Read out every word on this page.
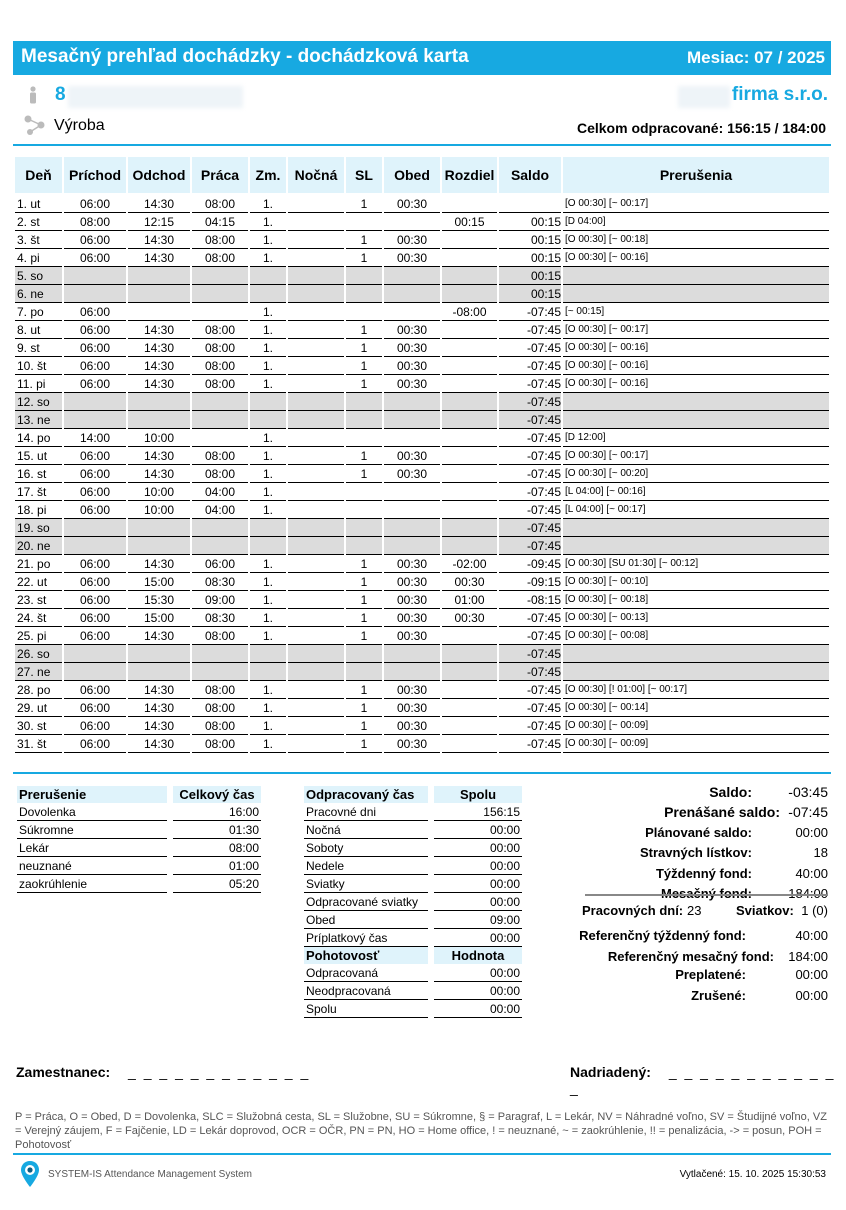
Mesačný prehľad dochádzky - dochádzková karta	Mesiac: 07 / 2025
8	firma s.r.o.
Výroba	Celkom odpracované: 156:15 / 184:00
Deň	Príchod	Odchod	Práca	Zm.	Nočná	SL	Obed	Rozdiel	Saldo	Prerušenia
1. ut	06:00	14:30	08:00	1.		1	00:30			[O 00:30] [~ 00:17]
2. st	08:00	12:15	04:15	1.				00:15	00:15	[D 04:00]
3. št	06:00	14:30	08:00	1.		1	00:30		00:15	[O 00:30] [~ 00:18]
4. pi	06:00	14:30	08:00	1.		1	00:30		00:15	[O 00:30] [~ 00:16]
5. so									00:15	
6. ne									00:15	
7. po	06:00			1.				-08:00	-07:45	[~ 00:15]
8. ut	06:00	14:30	08:00	1.		1	00:30		-07:45	[O 00:30] [~ 00:17]
9. st	06:00	14:30	08:00	1.		1	00:30		-07:45	[O 00:30] [~ 00:16]
10. št	06:00	14:30	08:00	1.		1	00:30		-07:45	[O 00:30] [~ 00:16]
11. pi	06:00	14:30	08:00	1.		1	00:30		-07:45	[O 00:30] [~ 00:16]
12. so									-07:45	
13. ne									-07:45	
14. po	14:00	10:00		1.					-07:45	[D 12:00]
15. ut	06:00	14:30	08:00	1.		1	00:30		-07:45	[O 00:30] [~ 00:17]
16. st	06:00	14:30	08:00	1.		1	00:30		-07:45	[O 00:30] [~ 00:20]
17. št	06:00	10:00	04:00	1.					-07:45	[L 04:00] [~ 00:16]
18. pi	06:00	10:00	04:00	1.					-07:45	[L 04:00] [~ 00:17]
19. so									-07:45	
20. ne									-07:45	
21. po	06:00	14:30	06:00	1.		1	00:30	-02:00	-09:45	[O 00:30] [SU 01:30] [~ 00:12]
22. ut	06:00	15:00	08:30	1.		1	00:30	00:30	-09:15	[O 00:30] [~ 00:10]
23. st	06:00	15:30	09:00	1.		1	00:30	01:00	-08:15	[O 00:30] [~ 00:18]
24. št	06:00	15:00	08:30	1.		1	00:30	00:30	-07:45	[O 00:30] [~ 00:13]
25. pi	06:00	14:30	08:00	1.		1	00:30		-07:45	[O 00:30] [~ 00:08]
26. so									-07:45	
27. ne									-07:45	
28. po	06:00	14:30	08:00	1.		1	00:30		-07:45	[O 00:30] [! 01:00] [~ 00:17]
29. ut	06:00	14:30	08:00	1.		1	00:30		-07:45	[O 00:30] [~ 00:14]
30. st	06:00	14:30	08:00	1.		1	00:30		-07:45	[O 00:30] [~ 00:09]
31. št	06:00	14:30	08:00	1.		1	00:30		-07:45	[O 00:30] [~ 00:09]
Prerušenie	Celkový čas
Dovolenka	16:00
Súkromne	01:30
Lekár	08:00
neuznané	01:00
zaokrúhlenie	05:20
Odpracovaný čas	Spolu
Pracovné dni	156:15
Nočná	00:00
Soboty	00:00
Nedele	00:00
Sviatky	00:00
Odpracované sviatky	00:00
Obed	09:00
Príplatkový čas	00:00
Pohotovosť	Hodnota
Odpracovaná	00:00
Neodpracovaná	00:00
Spolu	00:00
Saldo:	-03:45
Prenášané saldo: -07:45
Plánované saldo:	00:00
Stravných lístkov:	18
Týždenný fond:	40:00
Referenčný týždenný fond:	40:00
Referenčný mesačný fond: 184:00
Preplatené:	00:00
Zrušené:	00:00
Pracovných dní: 23	Sviatkov: 1 (0)
Zamestnanec: _ _ _ _ _ _ _ _ _ _ _ _	Nadriadený: _ _ _ _ _ _ _ _ _ _ _ _
P = Práca, O = Obed, D = Dovolenka, SLC = Služobná cesta, SL = Služobne, SU = Súkromne, § = Paragraf, L = Lekár, NV = Náhradné voľno, SV = Študijné voľno, VZ = Verejný záujem, F = Fajčenie, LD = Lekár doprovod, OCR = OČR, PN = PN, HO = Home office, ! = neuznané, ~ = zaokrúhlenie, !! = penalizácia, -> = posun, POH = Pohotovosť
SYSTEM-IS Attendance Management System	Vytlačené: 15. 10. 2025 15:30:53
